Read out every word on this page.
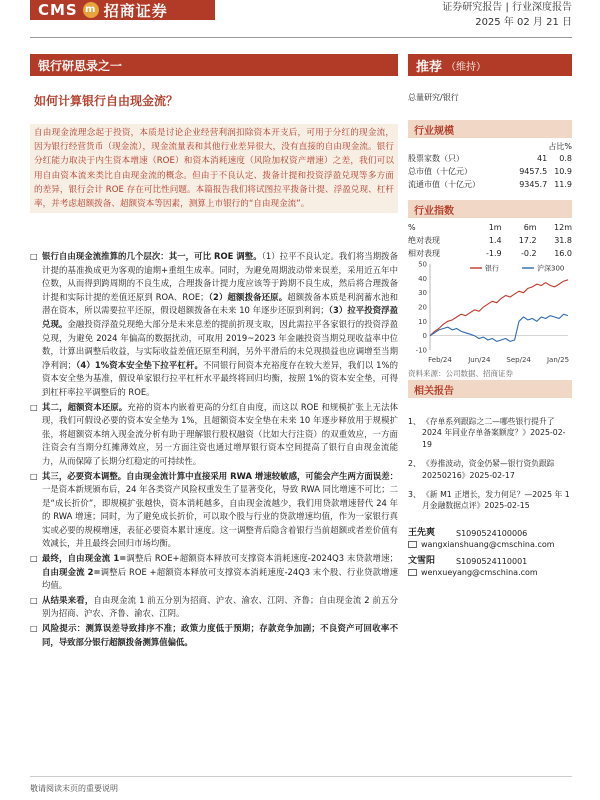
CMS m 招商证券	证券研究报告 | 行业深度报告
2025 年 02 月 21 日
银行研思录之一	推荐 （维持）
如何计算银行自由现金流？
自由现金流理念起于投资，本质是讨论企业经营利润扣除资本开支后，可用于分红的现金流，因为银行经营货币（现金流），现金流量表和其他行业差异很大，没有直接的自由现金流。银行分红能力取决于内生资本增速（ROE）和资本消耗速度（风险加权资产增速）之差，我们可以用自由资本流来类比自由现金流的概念。但由于不良认定、拨备计提和投资浮盈兑现等多方面的差异，银行会计 ROE 存在可比性问题。本篇报告我们将试图拉平拨备计提、浮盈兑现、杠杆率，并考虑超额拨备、超额资本等因素，测算上市银行的“自由现金流”。
□ 银行自由现金流推算的几个层次：其一，可比 ROE 调整。（1）拉平不良认定。我们将当期拨备计提的基准换成更为客观的逾期+重组生成率。同时，为避免周期波动带来误差，采用近五年中位数，从而得到跨周期的不良生成，合理拨备计提力度应该等于跨期不良生成，然后将合理拨备计提和实际计提的差值还原到 ROA、ROE；（2）超额拨备还原。超额拨备本质是利润蓄水池和潜在资本，所以需要拉平还原，假设超额拨备在未来 10 年逐步还原到利润；（3）拉平投资浮盈兑现。金融投资浮盈兑现绝大部分是未来息差的提前折现支取，因此需拉平各家银行的投资浮盈兑现，为避免 2024 年偏高的数据扰动，可取用 2019~2023 年金融投资当期兑现收益率中位数，计算出调整后收益，与实际收益差值还原至利润，另外平滑后的未兑现损益也应调增至当期净利润；（4）1%资本安全垫下拉平杠杆。不同银行间资本充裕度存在较大差异，我们以 1%的资本安全垫为基准，假设单家银行拉平杠杆水平最终将回归均衡，按照 1%的资本安全垫，可得到杠杆率拉平调整后的 ROE。
□ 其二，超额资本还原。充裕的资本内嵌着更高的分红自由度，而这以 ROE 和规模扩张上无法体现，我们可假设必要的资本安全垫为 1%，且超额资本安全垫在未来 10 年逐步释放用于规模扩张，将超额资本纳入现金流分析有助于理解银行股权融资（比如大行注资）的双重效应，一方面注资会有当期分红摊薄效应，另一方面注资也通过增厚银行资本空间提高了银行自由现金流能力，从而保障了长期分红稳定的可持续性。
□ 其三，必要资本调整。自由现金流计算中直接采用 RWA 增速较敏感，可能会产生两方面误差：一是资本新规颁布后，24 年各类资产风险权重发生了显著变化，导致 RWA 同比增速不可比；二是“成长折价”，即规模扩张越快，资本消耗越多，自由现金流越少，我们用贷款增速替代 24 年的 RWA 增速；同时，为了避免成长折价，可以取个股与行业的贷款增速均值，作为一家银行真实或必要的规模增速，表征必要资本累计速度。这一调整背后隐含着银行当前超额或者差价值有效减长，并且最终会回归市场均衡。
□ 最终，自由现金流 1=调整后 ROE+超额资本释放可支撑资本消耗速度-2024Q3 末贷款增速；自由现金流 2=调整后 ROE +超额资本释放可支撑资本消耗速度-24Q3 末个股、行业贷款增速均值。
□ 从结果来看，自由现金流 1 前五分别为招商、沪农、渝农、江阴、齐鲁；自由现金流 2 前五分别为招商、沪农、齐鲁、渝农、江阴。
□ 风险提示：测算误差导致排序不准；政策力度低于预期；存款竞争加剧；不良资产可回收率不同，导致部分银行超额拨备测算值偏低。
总量研究/银行
行业规模
占比%
股票家数（只）	41	0.8
总市值（十亿元）	9457.5	10.9
流通市值（十亿元）	9345.7	11.9
行业指数
%	1m	6m	12m
绝对表现	1.4	17.2	31.8
相对表现	-1.9	-0.2	16.0
50
40
30
20
10
0
-10
Feb/24 Jun/24 Sep/24 Jan/25
银行	沪深300
资料来源：公司数据、招商证券
相关报告
1、 《存单系列跟踪之二—哪些银行提升了 2024 年同业存单备案额度？》2025-02-19
2、 《券推波动，资金仍紧—银行资负跟踪 20250216》2025-02-17
3、 《新 M1 正增长，发力何足？—2025 年 1 月金融数据点评》2025-02-15
王先爽	S1090524100006
wangxianshuang@cmschina.com
文雪阳	S1090524110001
wenxueyang@cmschina.com
敬请阅读末页的重要说明
